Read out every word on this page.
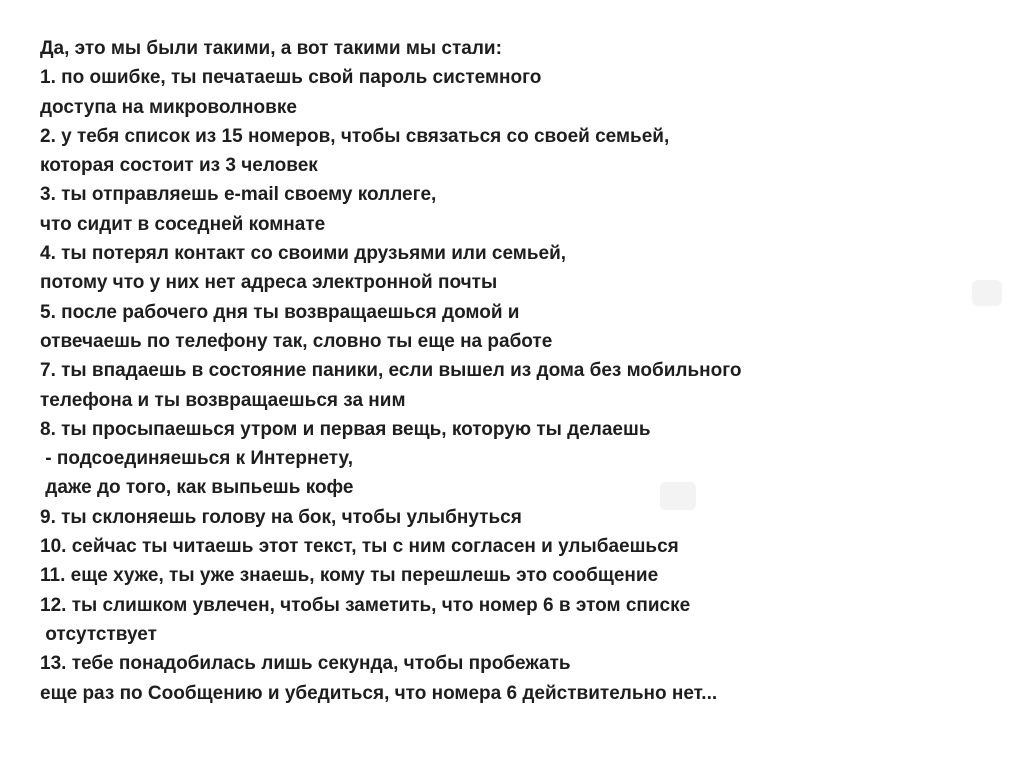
Да, это мы были такими, а вот такими мы стали:
1. по ошибке, ты печатаешь свой пароль системного
доступа на микроволновке
2. у тебя список из 15 номеров, чтобы связаться со своей семьей,
которая состоит из 3 человек
3. ты отправляешь e-mail своему коллеге,
что сидит в соседней комнате
4. ты потерял контакт со своими друзьями или семьей,
потому что у них нет адреса электронной почты
5. после рабочего дня ты возвращаешься домой и
отвечаешь по телефону так, словно ты еще на работе
7. ты впадаешь в состояние паники, если вышел из дома без мобильного
телефона и ты возвращаешься за ним
8. ты просыпаешься утром и первая вещь, которую ты делаешь
- подсоединяешься к Интернету,
даже до того, как выпьешь кофе
9. ты склоняешь голову на бок, чтобы улыбнуться
10. сейчас ты читаешь этот текст, ты с ним согласен и улыбаешься
11. еще хуже, ты уже знаешь, кому ты перешлешь это сообщение
12. ты слишком увлечен, чтобы заметить, что номер 6 в этом списке
отсутствует
13. тебе понадобилась лишь секунда, чтобы пробежать
еще раз по Сообщению и убедиться, что номера 6 действительно нет...
